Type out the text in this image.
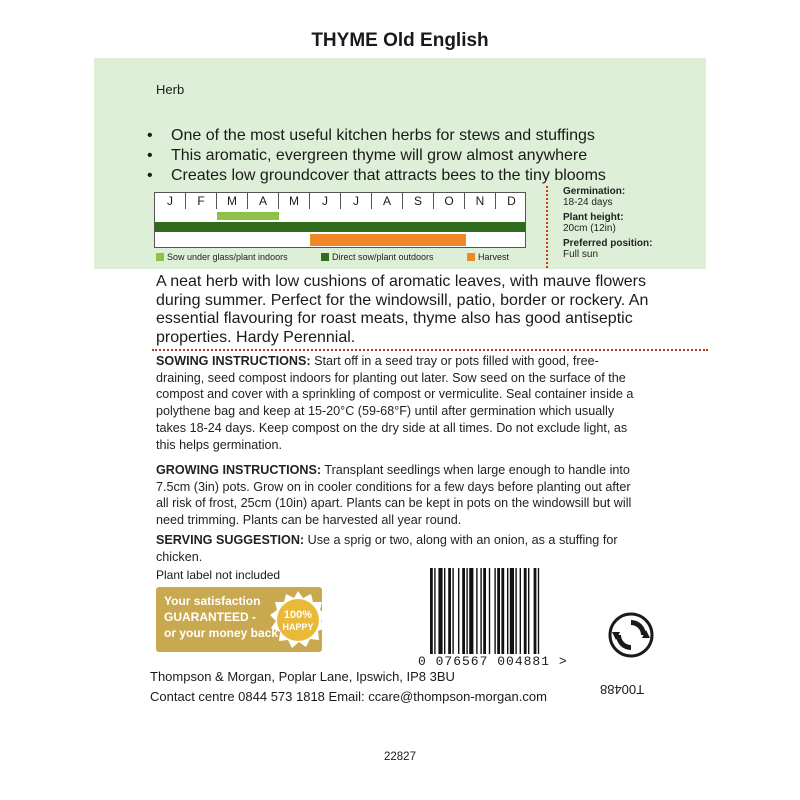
THYME Old English
Herb
• One of the most useful kitchen herbs for stews and stuffings
• This aromatic, evergreen thyme will grow almost anywhere
• Creates low groundcover that attracts bees to the tiny blooms
J	F	M	A	M	J	J	A	S	O	N	D
Sow under glass/plant indoors	Direct sow/plant outdoors	Harvest
Germination:
18-24 days
Plant height:
20cm (12in)
Preferred position:
Full sun
A neat herb with low cushions of aromatic leaves, with mauve flowers during summer. Perfect for the windowsill, patio, border or rockery. An essential flavouring for roast meats, thyme also has good antiseptic properties. Hardy Perennial.
SOWING INSTRUCTIONS: Start off in a seed tray or pots filled with good, free-draining, seed compost indoors for planting out later. Sow seed on the surface of the compost and cover with a sprinkling of compost or vermiculite. Seal container inside a polythene bag and keep at 15-20°C (59-68°F) until after germination which usually takes 18-24 days. Keep compost on the dry side at all times. Do not exclude light, as this helps germination.
GROWING INSTRUCTIONS: Transplant seedlings when large enough to handle into 7.5cm (3in) pots. Grow on in cooler conditions for a few days before planting out after all risk of frost, 25cm (10in) apart. Plants can be kept in pots on the windowsill but will need trimming. Plants can be harvested all year round.
SERVING SUGGESTION: Use a sprig or two, along with an onion, as a stuffing for chicken.
Plant label not included
Your satisfaction
GUARANTEED -
or your money back
100%
HAPPY
0 076567 004881 >
Thompson & Morgan, Poplar Lane, Ipswich, IP8 3BU
Contact centre 0844 573 1818 Email: ccare@thompson-morgan.com	T00488
22827
